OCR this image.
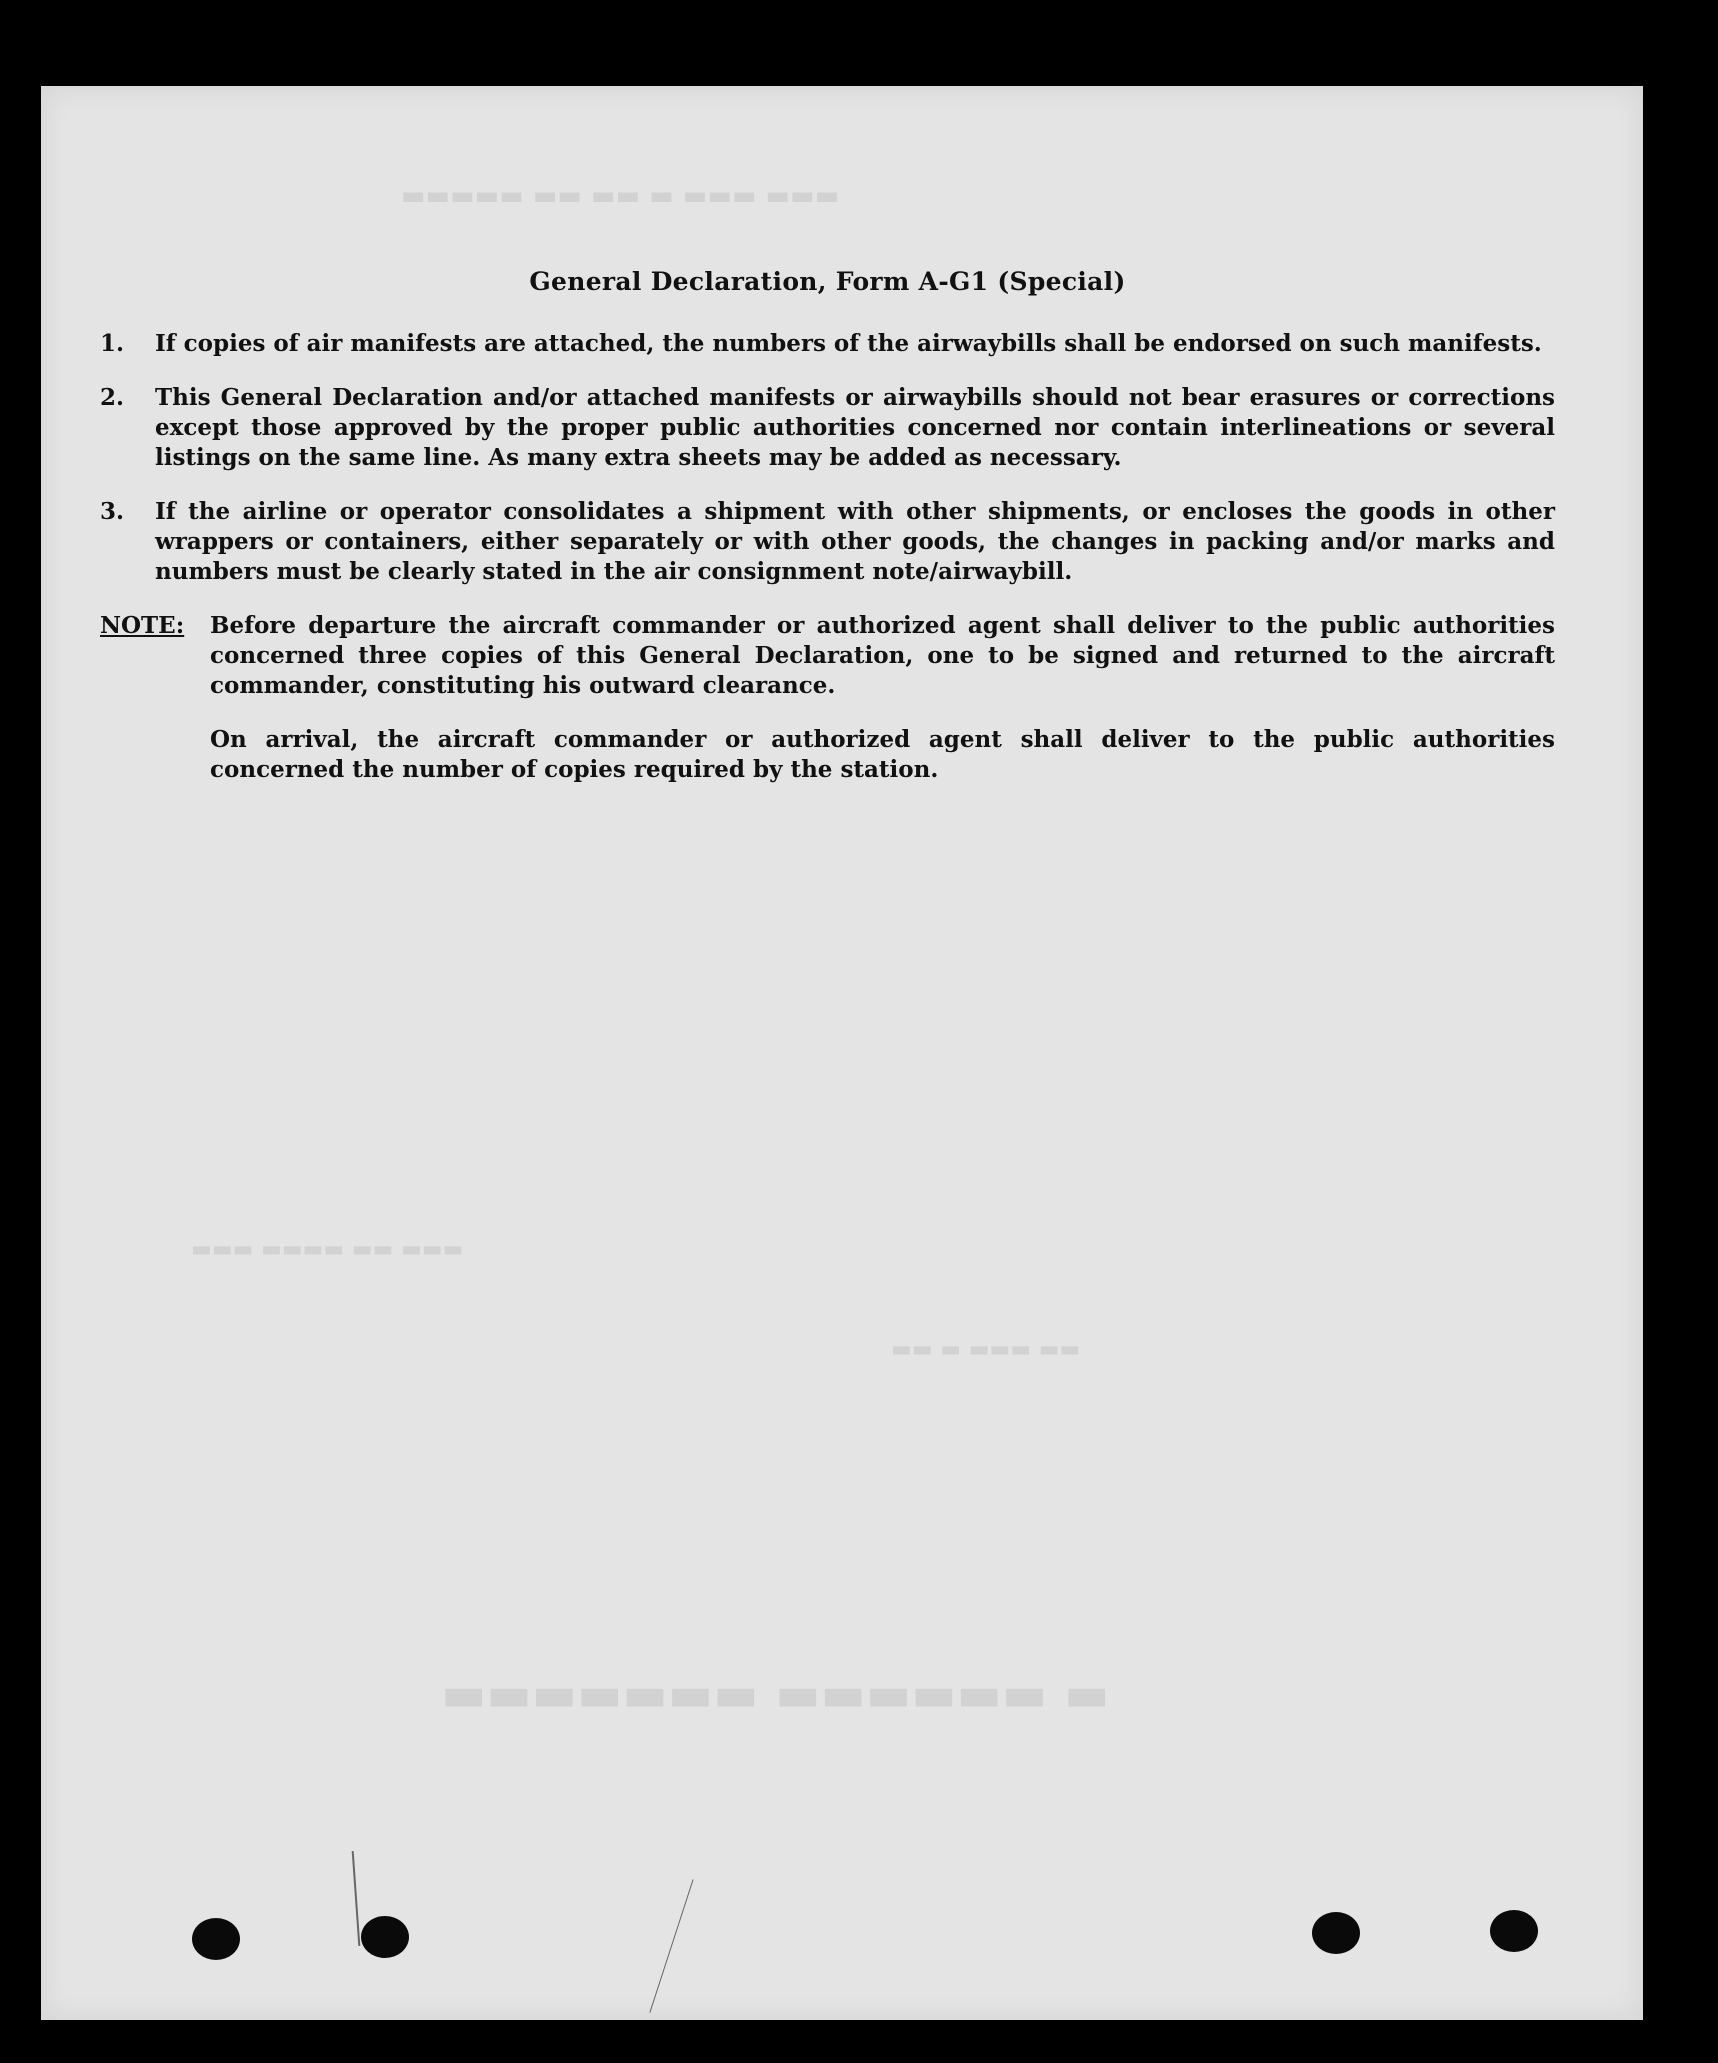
▬▬▬ ▬▬▬ ▬ ▬▬ ▬▬ ▬▬▬▬▬
▬ ▬▬▬▬▬▬ ▬▬▬▬▬▬▬
▬▬ ▬▬▬ ▬ ▬▬
▬▬▬ ▬▬ ▬▬▬▬ ▬▬▬
General Declaration, Form A-G1 (Special)
1.	If copies of air manifests are attached, the numbers of the airwaybills shall be endorsed on such manifests.
2.	This General Declaration and/or attached manifests or airwaybills should not bear erasures or corrections except those approved by the proper public authorities concerned nor contain interlineations or several listings on the same line. As many extra sheets may be added as necessary.
3.	If the airline or operator consolidates a shipment with other shipments, or encloses the goods in other wrappers or containers, either separately or with other goods, the changes in packing and/or marks and numbers must be clearly stated in the air consignment note/airwaybill.
NOTE:	Before departure the aircraft commander or authorized agent shall deliver to the public authorities concerned three copies of this General Declaration, one to be signed and returned to the aircraft commander, constituting his outward clearance.

On arrival, the aircraft commander or authorized agent shall deliver to the public authorities concerned the number of copies required by the station.
